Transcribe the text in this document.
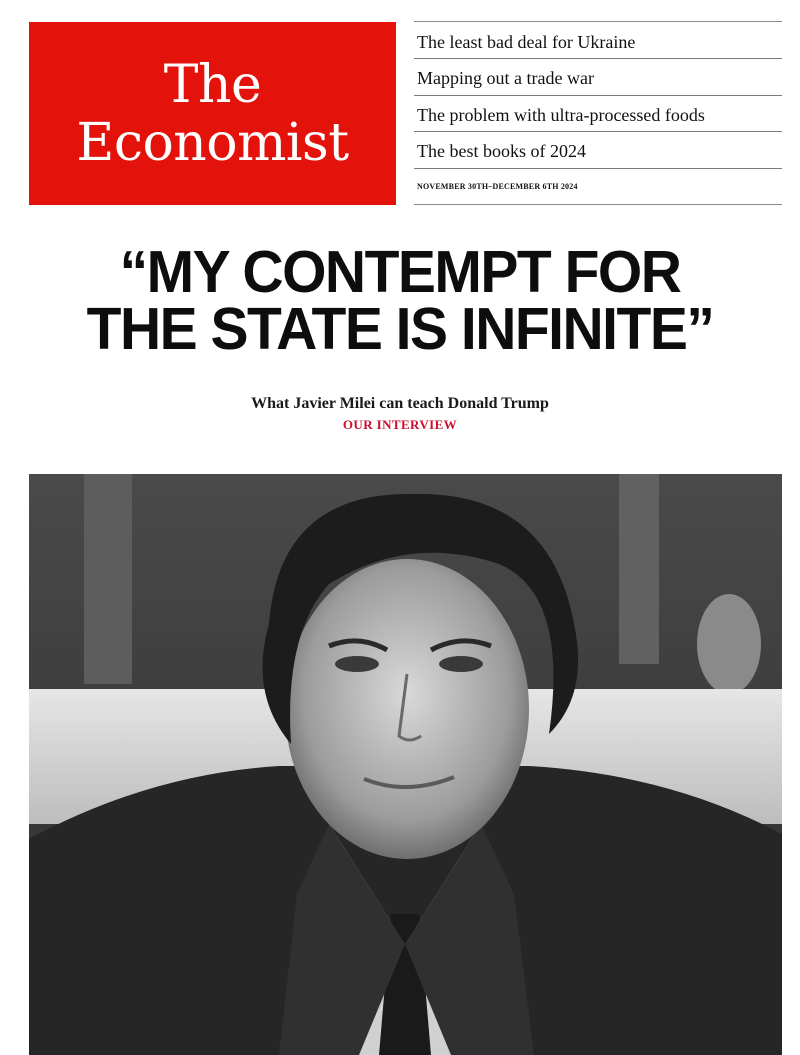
The
Economist
The least bad deal for Ukraine
Mapping out a trade war
The problem with ultra-processed foods
The best books of 2024
NOVEMBER 30TH–DECEMBER 6TH 2024
“MY CONTEMPT FOR
THE STATE IS INFINITE”
What Javier Milei can teach Donald Trump
OUR INTERVIEW
